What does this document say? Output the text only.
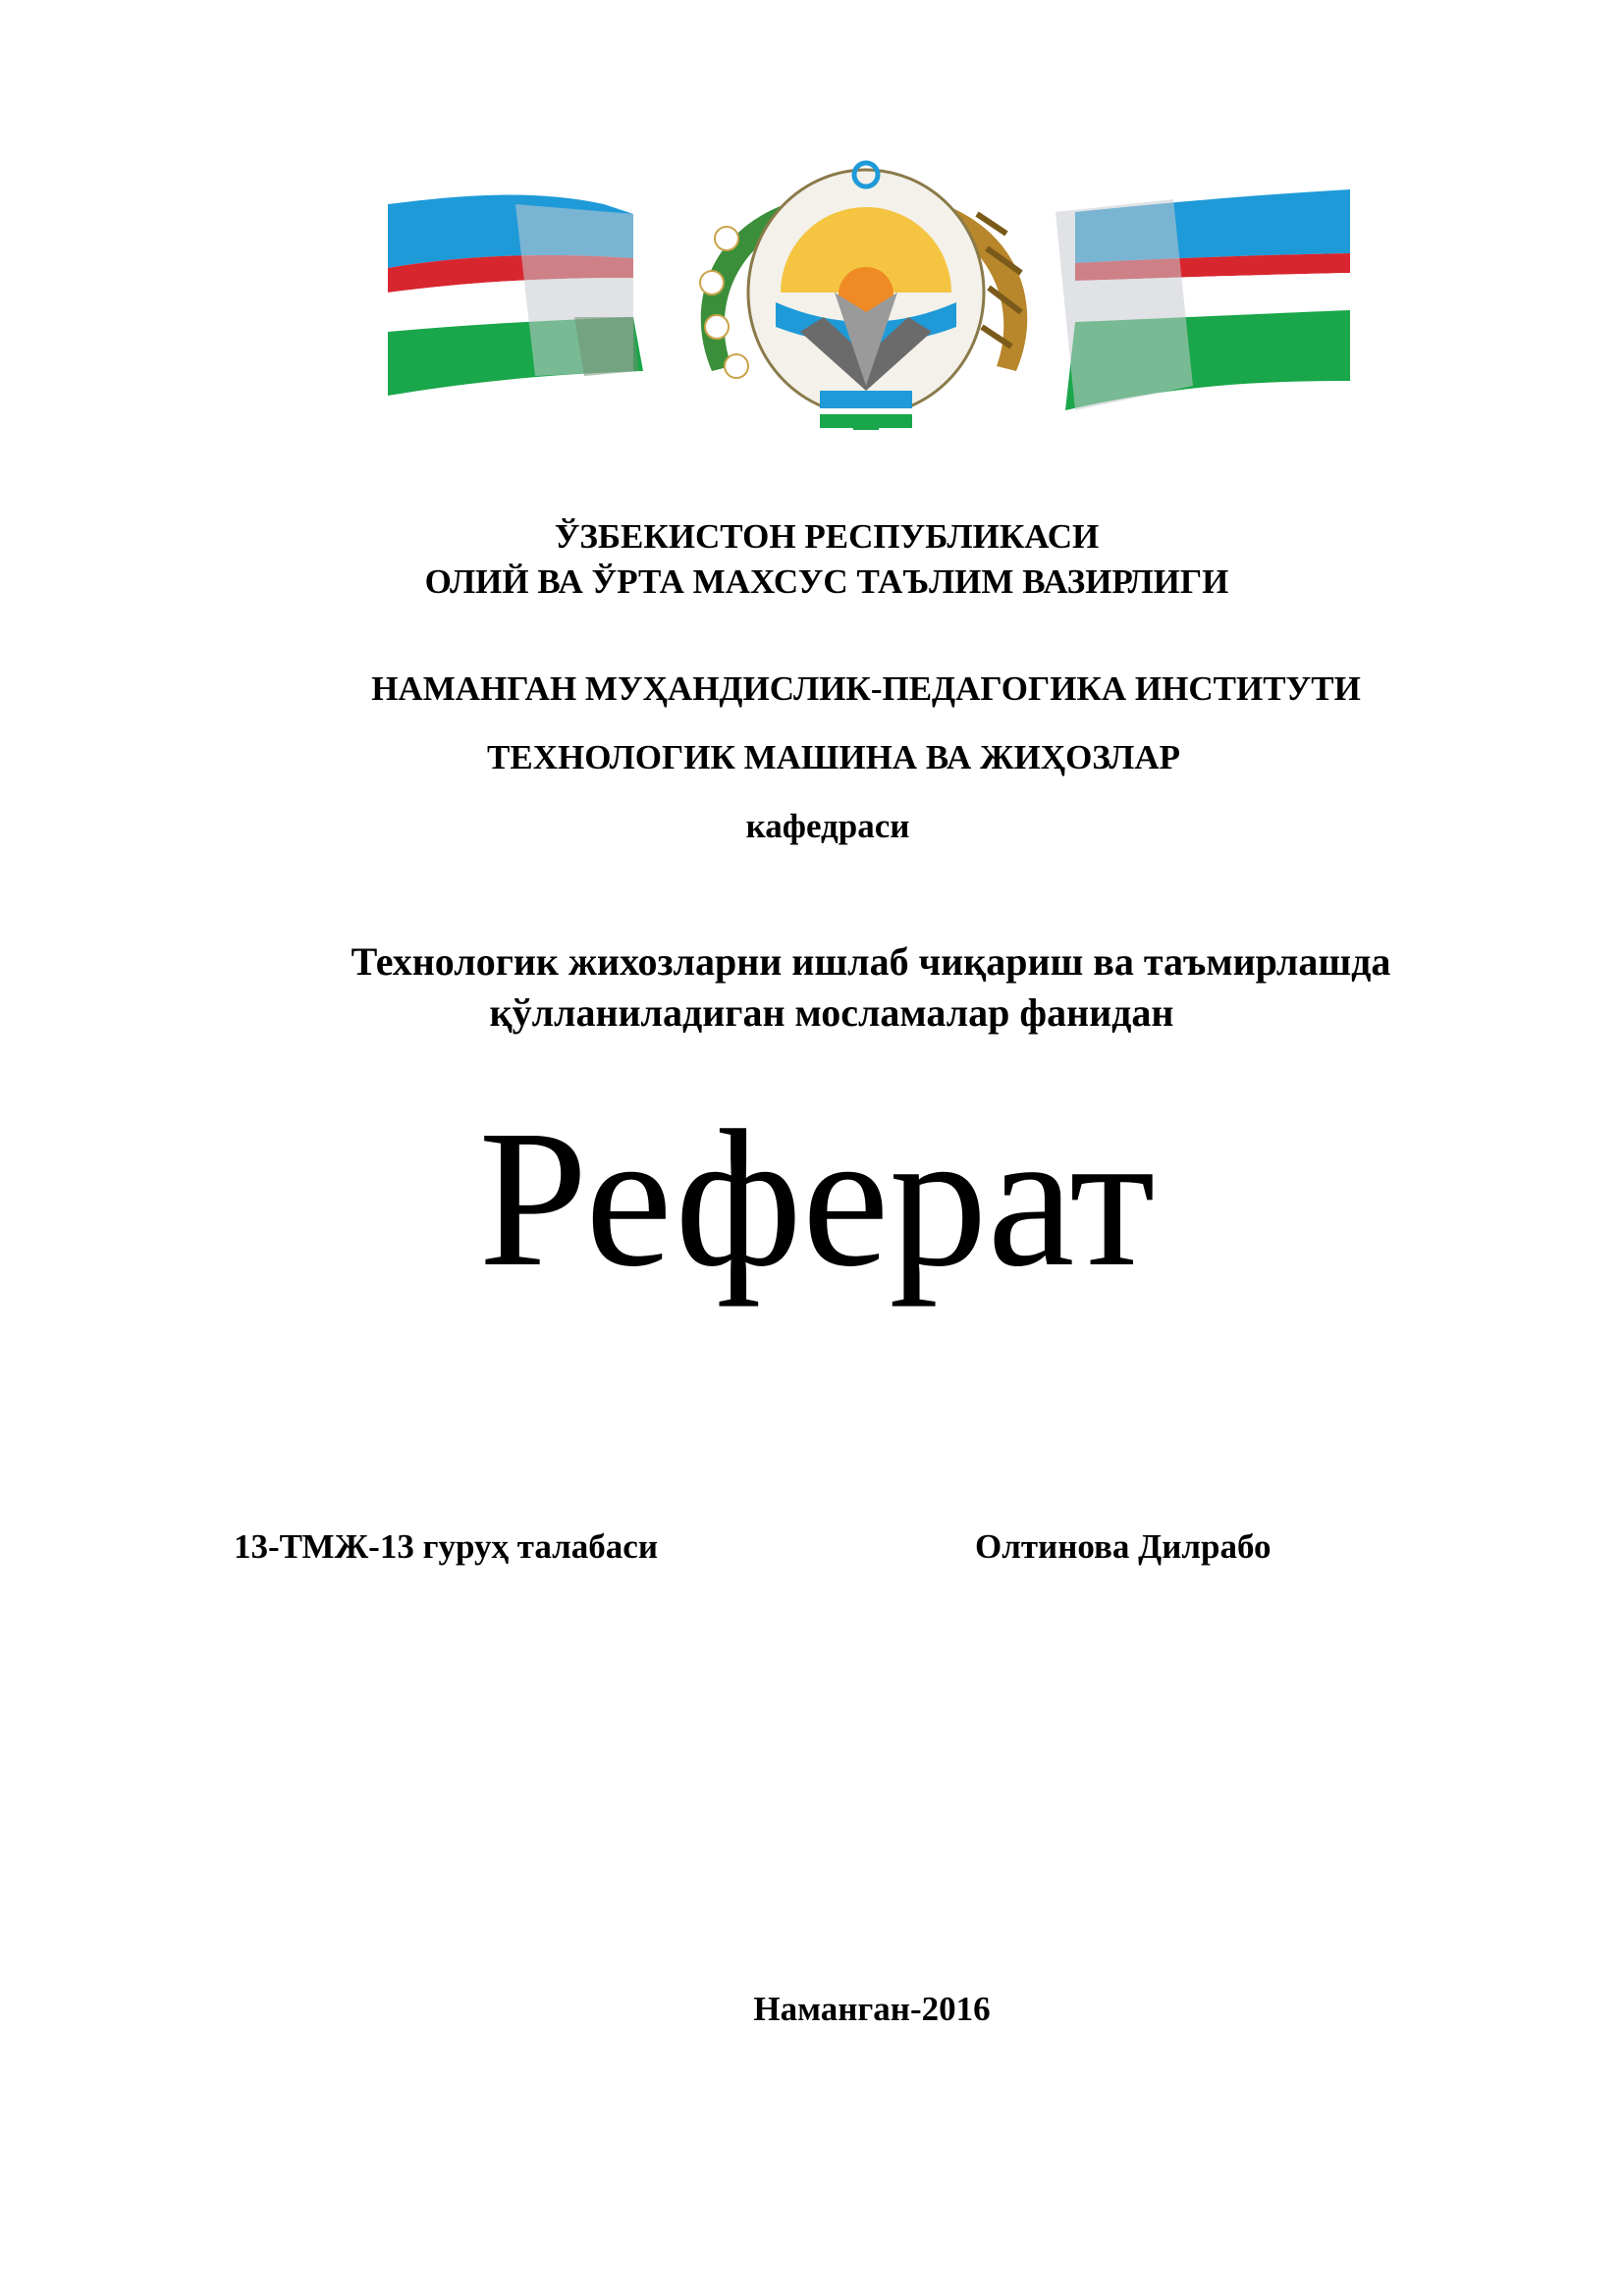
ЎЗБЕКИСТОН РЕСПУБЛИКАСИ
ОЛИЙ ВА ЎРТА МАХСУС ТАЪЛИМ ВАЗИРЛИГИ
НАМАНГАН МУҲАНДИСЛИК-ПЕДАГОГИКА ИНСТИТУТИ
ТЕХНОЛОГИК МАШИНА ВА ЖИҲОЗЛАР
кафедраси
Технологик жихозларни ишлаб чиқариш ва таъмирлашда
қўлланиладиган мосламалар фанидан
Реферат
13-ТМЖ-13 гуруҳ талабаси	Олтинова Дилрабо
Наманган-2016
